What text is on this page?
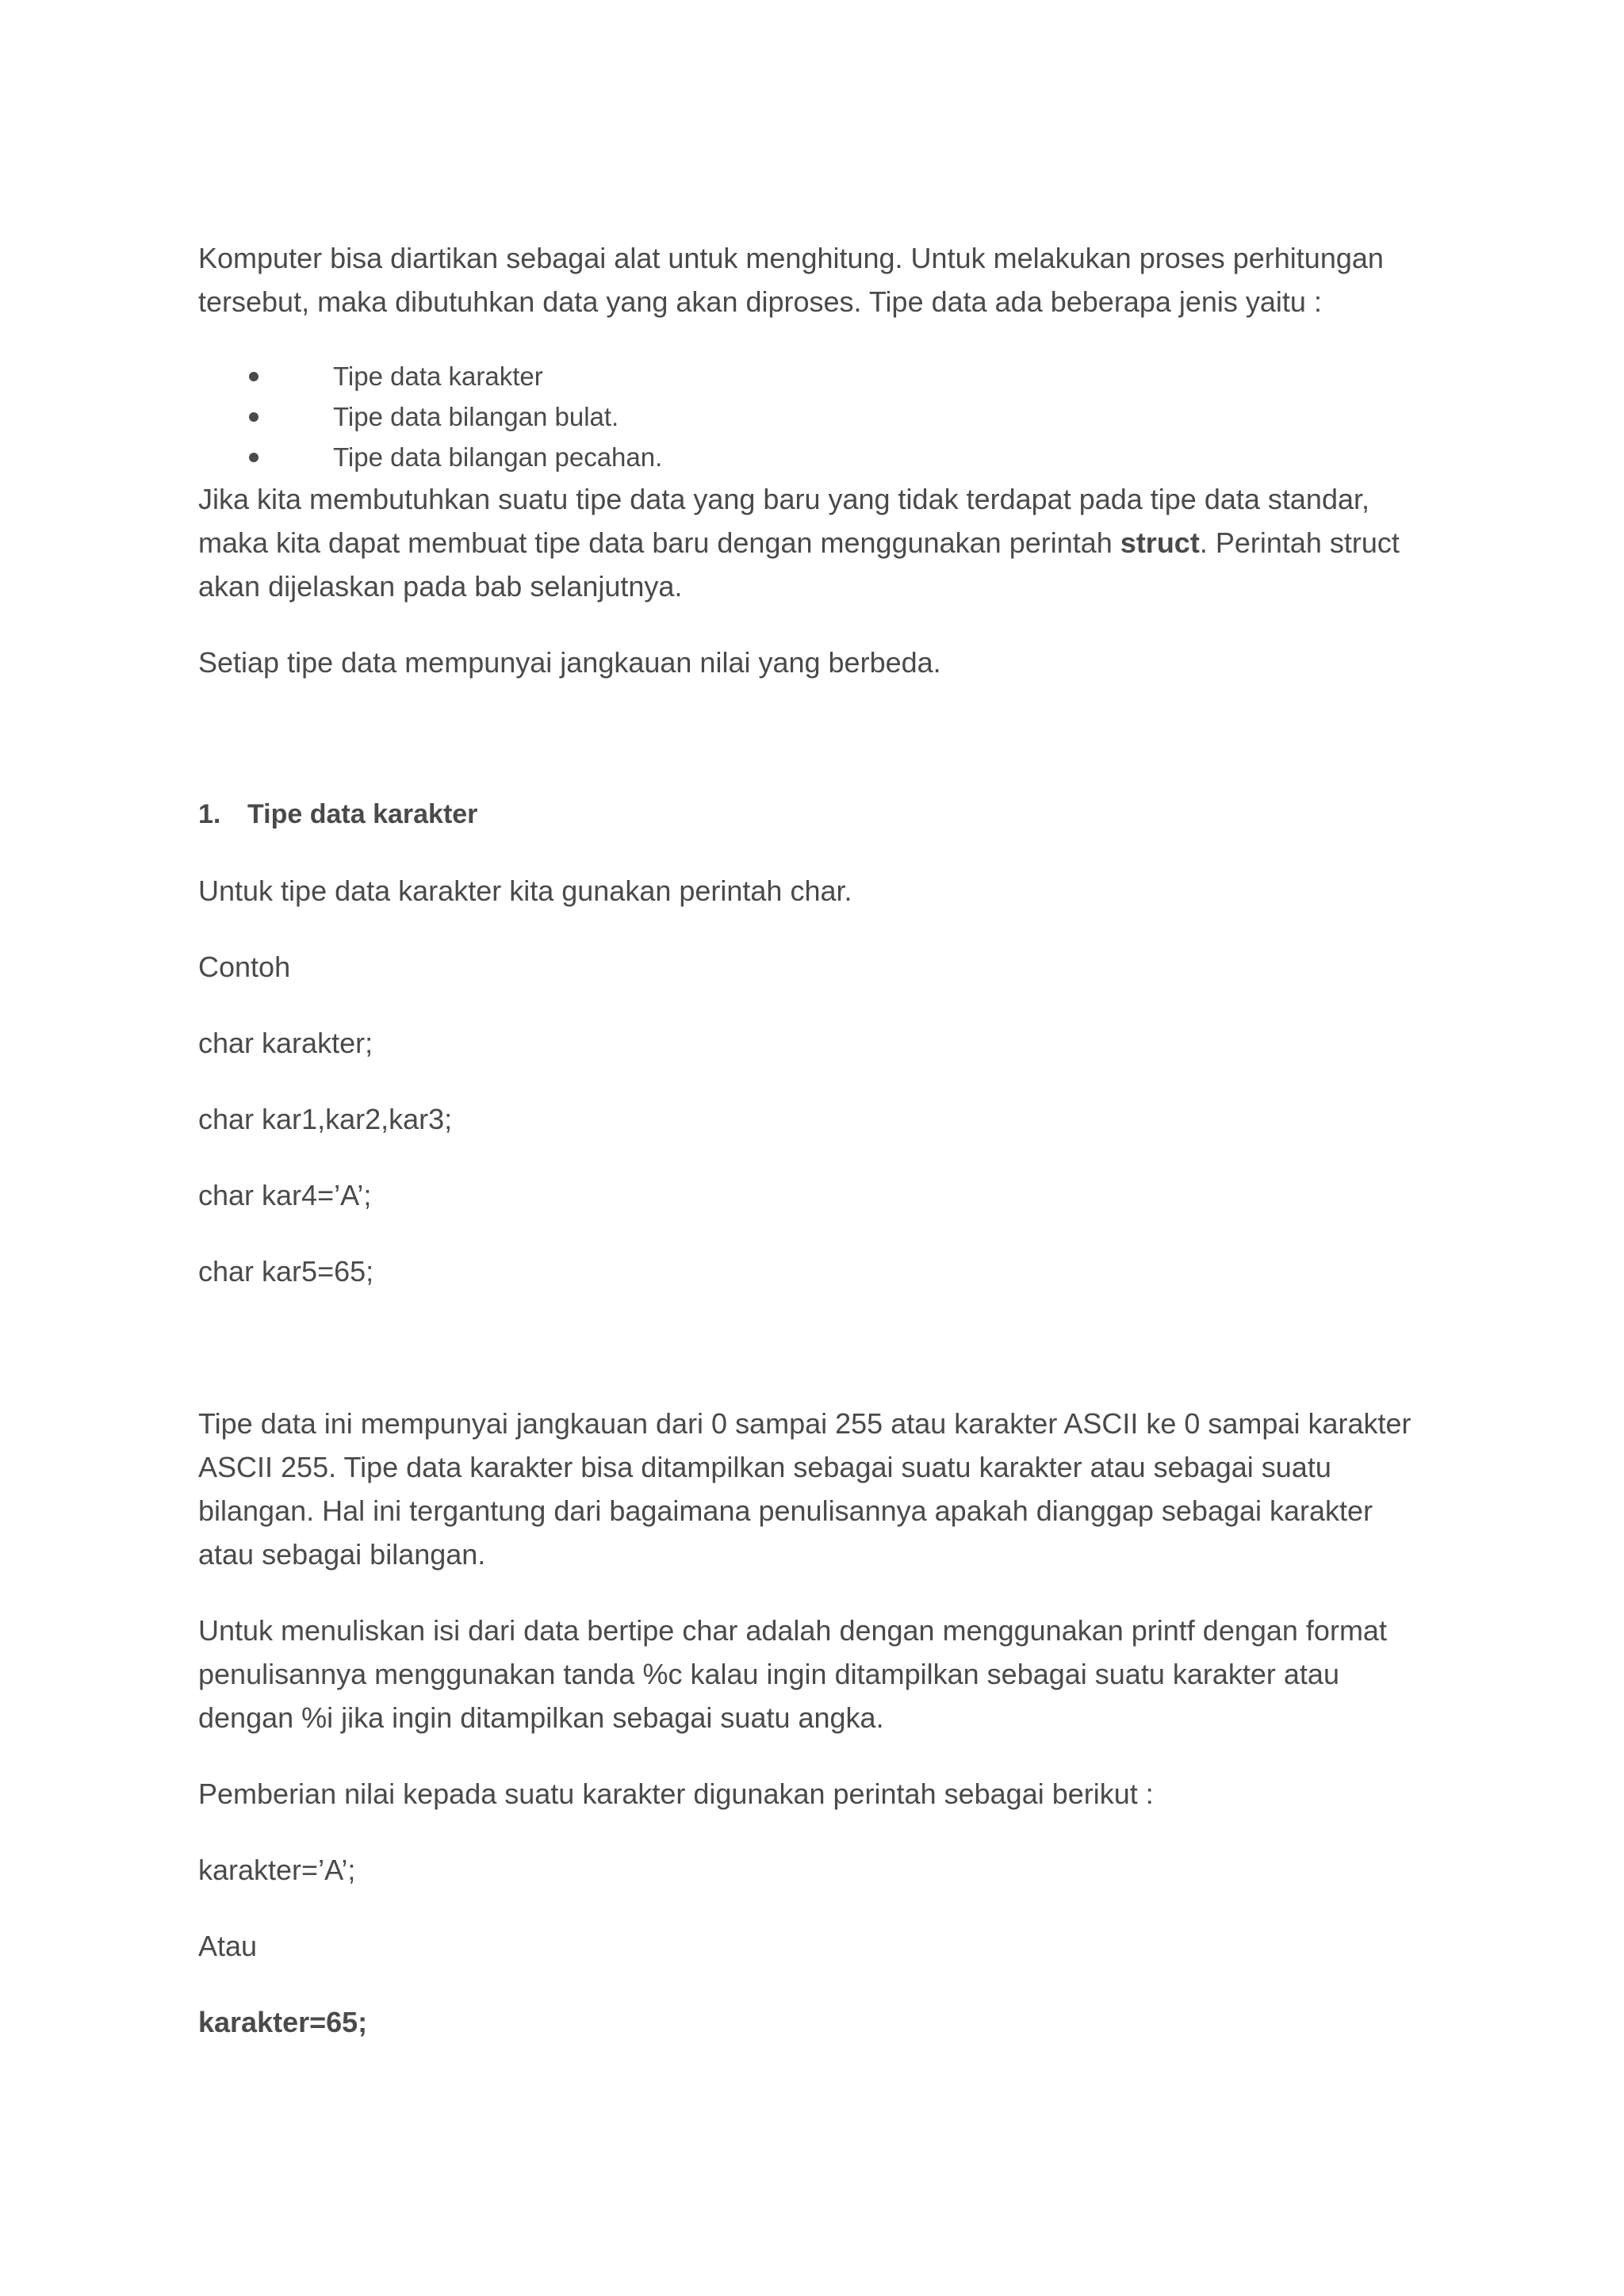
Komputer bisa diartikan sebagai alat untuk menghitung. Untuk melakukan proses perhitungan
tersebut, maka dibutuhkan data yang akan diproses. Tipe data ada beberapa jenis yaitu :

Tipe data karakter
Tipe data bilangan bulat.
Tipe data bilangan pecahan.

Jika kita membutuhkan suatu tipe data yang baru yang tidak terdapat pada tipe data standar,
maka kita dapat membuat tipe data baru dengan menggunakan perintah struct. Perintah struct
akan dijelaskan pada bab selanjutnya.

Setiap tipe data mempunyai jangkauan nilai yang berbeda.

1. Tipe data karakter

Untuk tipe data karakter kita gunakan perintah char.

Contoh

char karakter;

char kar1,kar2,kar3;

char kar4=’A’;

char kar5=65;

Tipe data ini mempunyai jangkauan dari 0 sampai 255 atau karakter ASCII ke 0 sampai karakter
ASCII 255. Tipe data karakter bisa ditampilkan sebagai suatu karakter atau sebagai suatu
bilangan. Hal ini tergantung dari bagaimana penulisannya apakah dianggap sebagai karakter
atau sebagai bilangan.

Untuk menuliskan isi dari data bertipe char adalah dengan menggunakan printf dengan format
penulisannya menggunakan tanda %c kalau ingin ditampilkan sebagai suatu karakter atau
dengan %i jika ingin ditampilkan sebagai suatu angka.

Pemberian nilai kepada suatu karakter digunakan perintah sebagai berikut :

karakter=’A’;

Atau

karakter=65;
